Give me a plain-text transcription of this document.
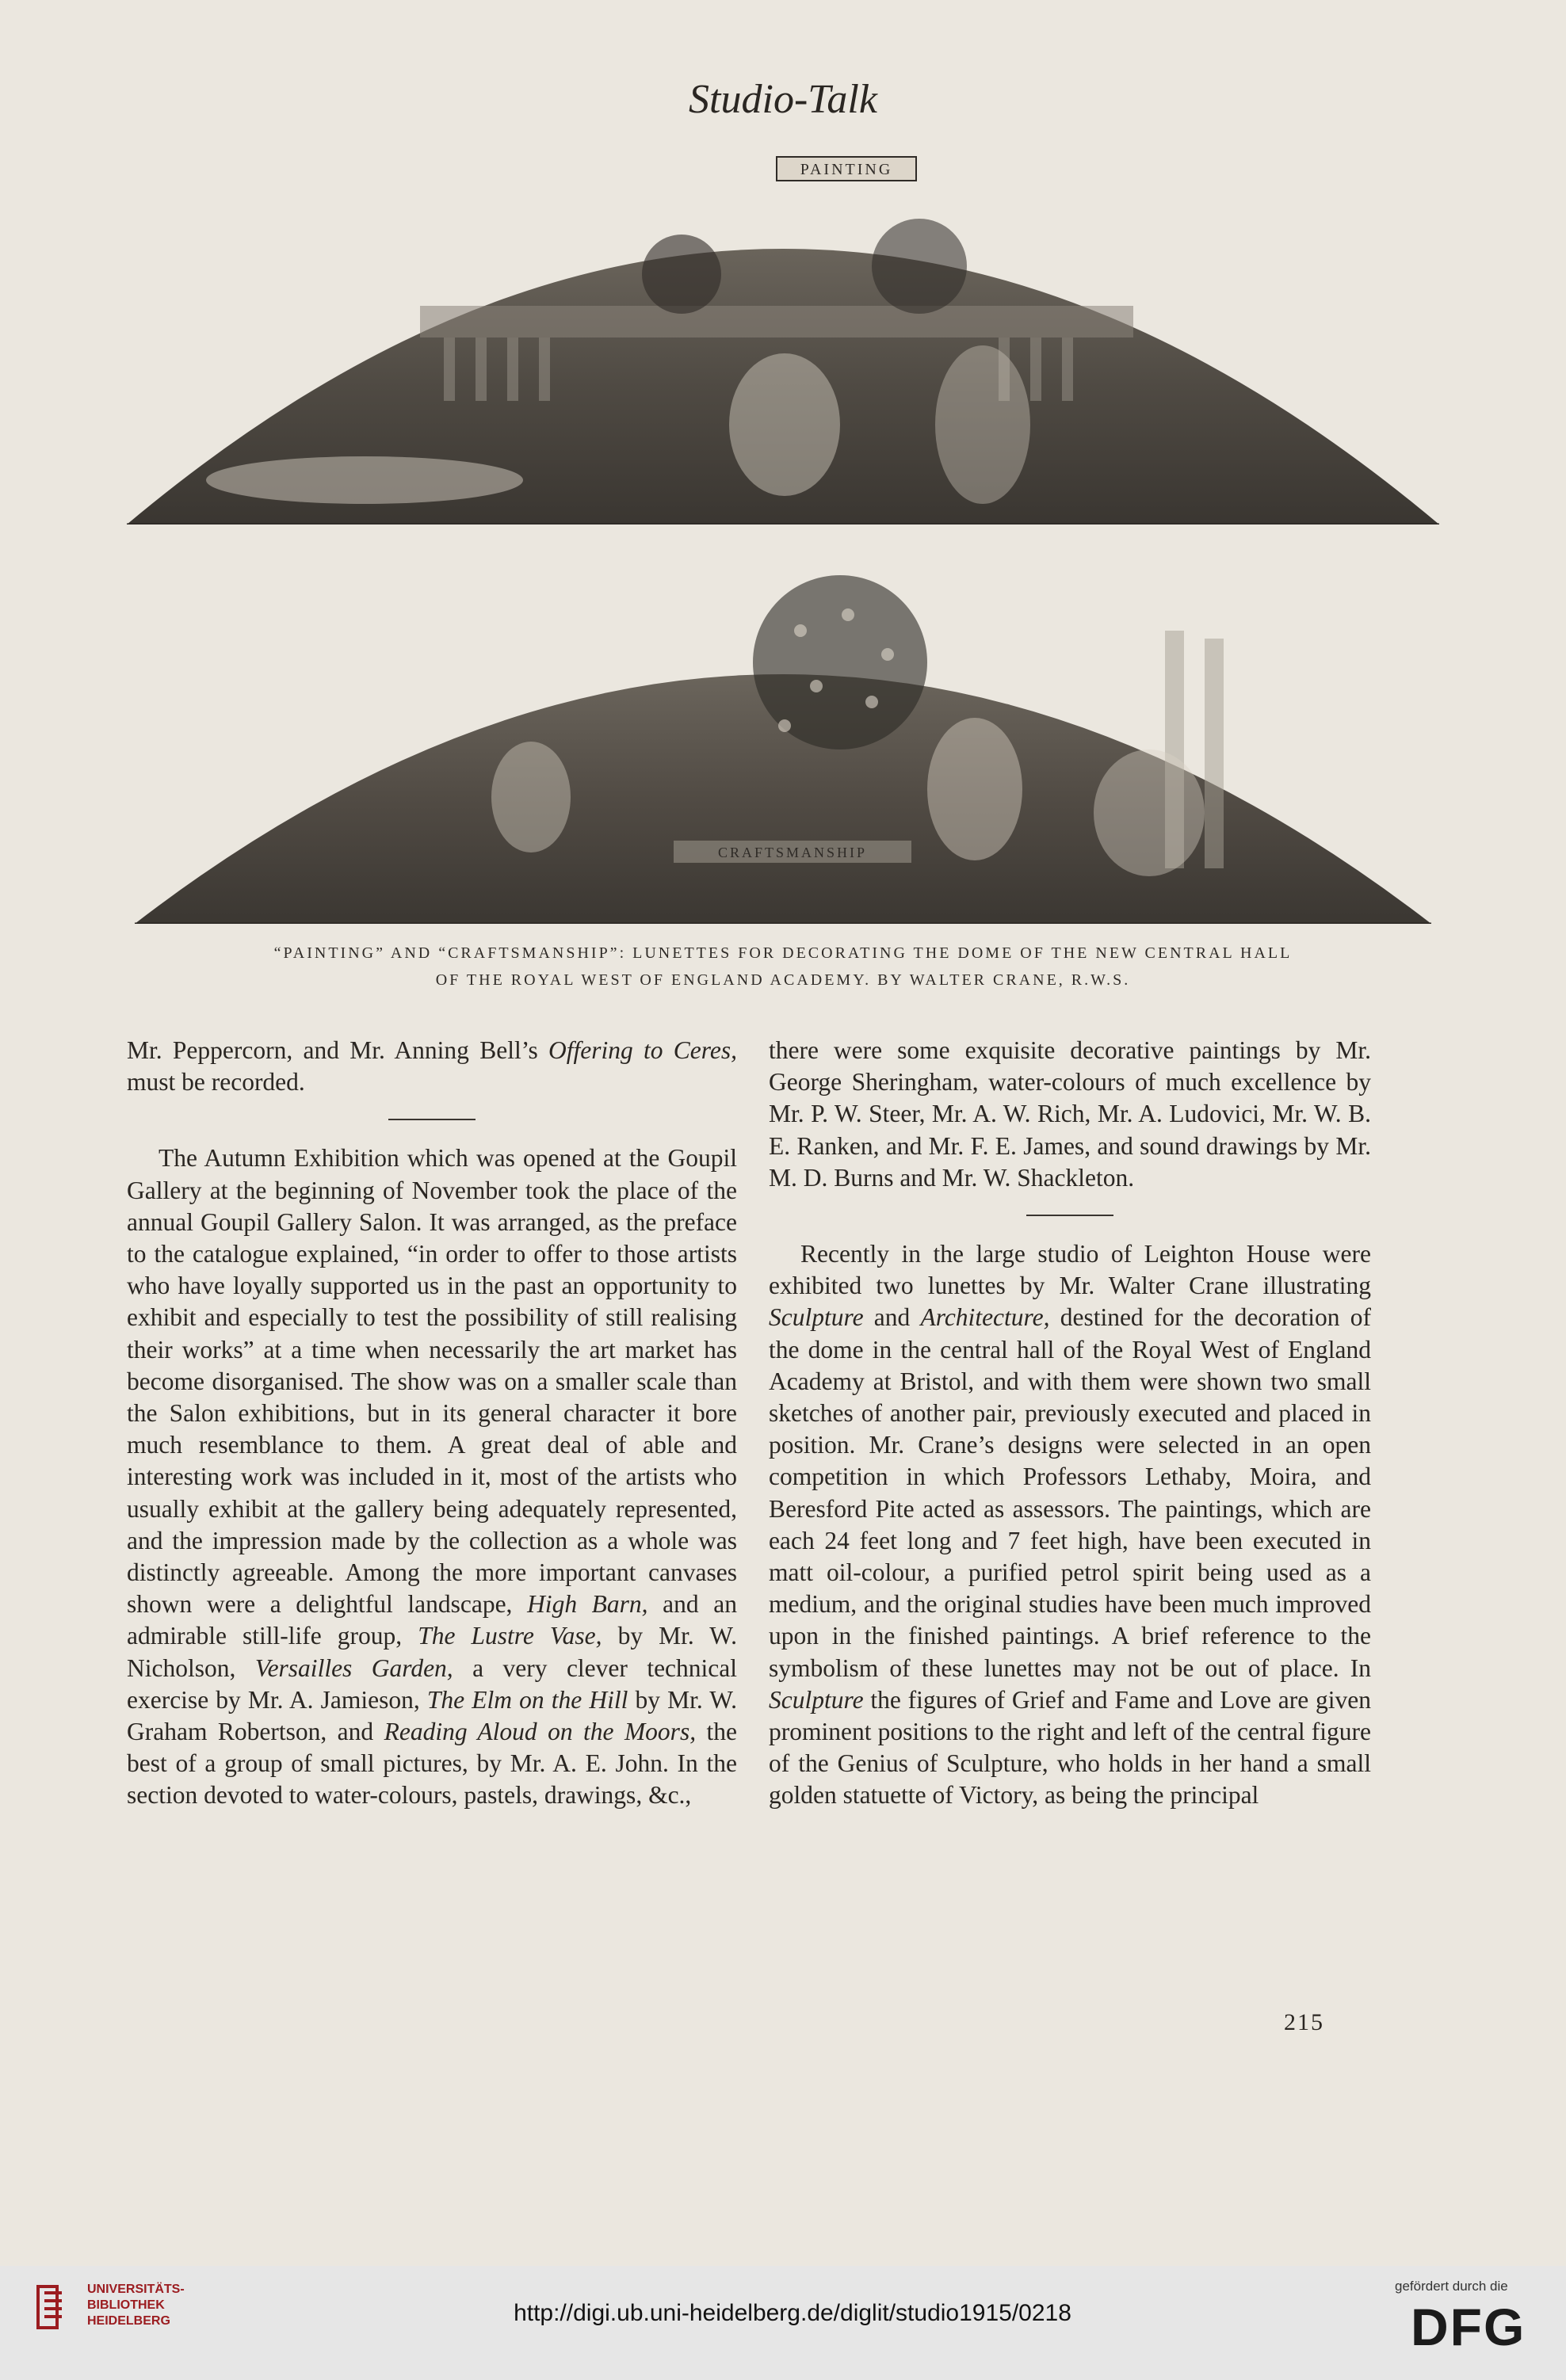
Studio-Talk
PAINTING
CRAFTSMANSHIP
“PAINTING” AND “CRAFTSMANSHIP”: LUNETTES FOR DECORATING THE DOME OF THE NEW CENTRAL HALL
OF THE ROYAL WEST OF ENGLAND ACADEMY. BY WALTER CRANE, R.W.S.

Mr. Peppercorn, and Mr. Anning Bell’s Offering to Ceres, must be recorded.

The Autumn Exhibition which was opened at the Goupil Gallery at the beginning of November took the place of the annual Goupil Gallery Salon. It was arranged, as the preface to the catalogue explained, “in order to offer to those artists who have loyally supported us in the past an opportunity to exhibit and especially to test the possibility of still realising their works” at a time when necessarily the art market has become disorganised. The show was on a smaller scale than the Salon exhibitions, but in its general character it bore much resemblance to them. A great deal of able and interesting work was included in it, most of the artists who usually exhibit at the gallery being adequately represented, and the impression made by the collection as a whole was distinctly agreeable. Among the more important canvases shown were a delightful landscape, High Barn, and an admirable still-life group, The Lustre Vase, by Mr. W. Nicholson, Versailles Garden, a very clever technical exercise by Mr. A. Jamieson, The Elm on the Hill by Mr. W. Graham Robertson, and Reading Aloud on the Moors, the best of a group of small pictures, by Mr. A. E. John. In the section devoted to water-colours, pastels, drawings, &c.,

there were some exquisite decorative paintings by Mr. George Sheringham, water-colours of much excellence by Mr. P. W. Steer, Mr. A. W. Rich, Mr. A. Ludovici, Mr. W. B. E. Ranken, and Mr. F. E. James, and sound drawings by Mr. M. D. Burns and Mr. W. Shackleton.

Recently in the large studio of Leighton House were exhibited two lunettes by Mr. Walter Crane illustrating Sculpture and Architecture, destined for the decoration of the dome in the central hall of the Royal West of England Academy at Bristol, and with them were shown two small sketches of another pair, previously executed and placed in position. Mr. Crane’s designs were selected in an open competition in which Professors Lethaby, Moira, and Beresford Pite acted as assessors. The paintings, which are each 24 feet long and 7 feet high, have been executed in matt oil-colour, a purified petrol spirit being used as a medium, and the original studies have been much improved upon in the finished paintings. A brief reference to the symbolism of these lunettes may not be out of place. In Sculpture the figures of Grief and Fame and Love are given prominent positions to the right and left of the central figure of the Genius of Sculpture, who holds in her hand a small golden statuette of Victory, as being the principal

215
UNIVERSITÄTS-
BIBLIOTHEK
HEIDELBERG	http://digi.ub.uni-heidelberg.de/diglit/studio1915/0218
gefördert durch die
DFG
